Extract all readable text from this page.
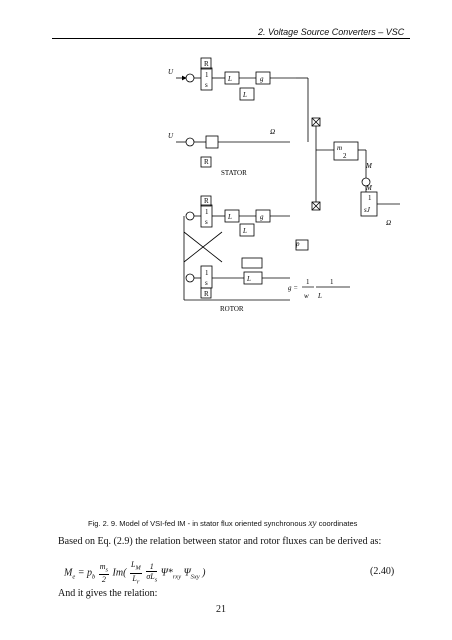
2. Voltage Source Converters – VSC
R
1
s
L	g
L
U
U	Ω
R
STATOR
m
2
M
M
1
sJ
Ω
R
1
s
L	g
L
1
s	L
R
ROTOR
p
g =
1
w
1
L
Fig. 2. 9. Model of VSI-fed IM - in stator flux oriented synchronous xy coordinates
Based on Eq. (2.9) the relation between stator and rotor fluxes can be derived as:
$M_e = p_b \frac{m_s}{2} Im( \frac{L_M}{L_r}$
$\frac{1}{\sigma L_s} \Psi*_{rxy}$ $\Psi_{Sxy}$ )	(2.40)
And it gives the relation:
21
